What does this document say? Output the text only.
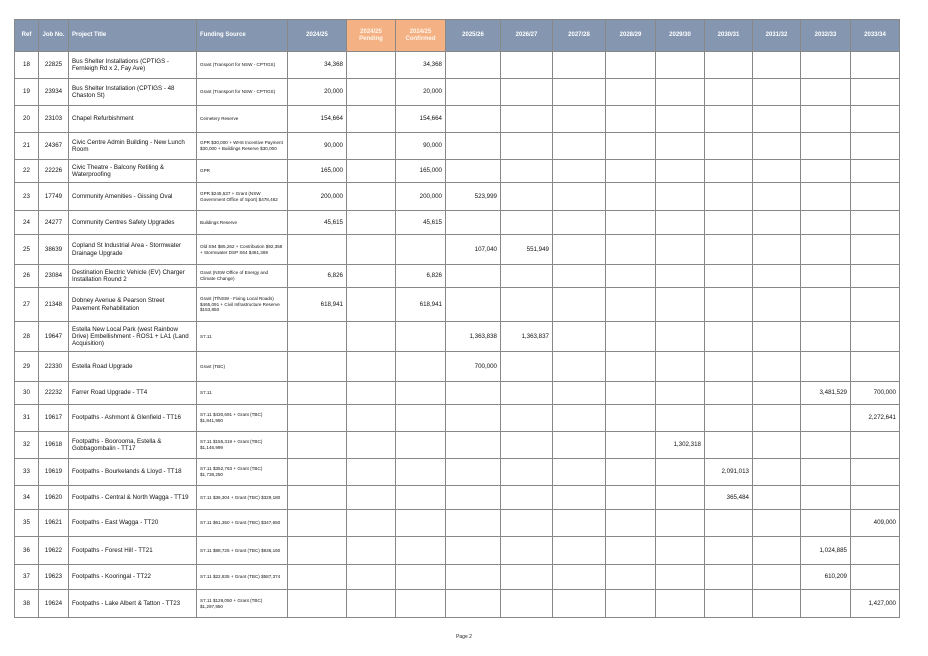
Ref	Job No.	Project Title	Funding Source	2024/25	2024/25 Pending	2024/25 Confirmed	2025/26	2026/27	2027/28	2028/29	2029/30	2030/31	2031/32	2032/33	2033/34
18	22825	Bus Shelter Installations (CPTIGS - Fernleigh Rd x 2, Fay Ave)	Grant (Transport for NSW - CPTIGS)	34,368		34,368									
19	23934	Bus Shelter Installation (CPTIGS - 48 Chaston St)	Grant (Transport for NSW - CPTIGS)	20,000		20,000									
20	23103	Chapel Refurbishment	Cemetery Reserve	154,664		154,664									
21	24367	Civic Centre Admin Building - New Lunch Room	GPR $30,000 + WHS Incentive Payment $30,000 + Buildings Reserve $30,000	90,000		90,000									
22	22226	Civic Theatre - Balcony Retiling & Waterproofing	GPR	165,000		165,000									
23	17749	Community Amenities - Gissing Oval	GPR $245,537 + Grant (NSW Government Office of Sport) $478,462	200,000		200,000	523,999								
24	24277	Community Centres Safety Upgrades	Buildings Reserve	45,615		45,615									
25	38639	Copland St Industrial Area - Stormwater Drainage Upgrade	Old S94 $85,262 + Contribution $92,358 + Stormwater DSP S64 $481,369				107,040	551,949							
26	23084	Destination Electric Vehicle (EV) Charger Installation Round 2	Grant (NSW Office of Energy and Climate Change)	6,826		6,826									
27	21348	Dobney Avenue & Pearson Street Pavement Rehabilitation	Grant (TfNSW - Fixing Local Roads) $465,091 + Civil Infrastructure Reserve $153,850	618,941		618,941									
28	19647	Estella New Local Park (west Rainbow Drive) Embellishment - ROS1 + LA1 (Land Acquisition)	S7.11				1,363,838	1,363,837							
29	22330	Estella Road Upgrade	Grant (TBC)				700,000								
30	22232	Farrer Road Upgrade - TT4	S7.11											3,481,529	700,000
31	19617	Footpaths - Ashmont & Glenfield - TT16	S7.11 $430,691 + Grant (TBC) $1,841,950												2,272,641
32	19618	Footpaths - Boorooma, Estella & Gobbagombalin - TT17	S7.11 $155,319 + Grant (TBC) $1,146,999								1,302,318				
33	19619	Footpaths - Bourkelands & Lloyd - TT18	S7.11 $352,763 + Grant (TBC) $1,738,250									2,091,013			
34	19620	Footpaths - Central & North Wagga - TT19	S7.11 $36,304 + Grant (TBC) $329,180									365,484			
35	19621	Footpaths - East Wagga - TT20	S7.11 $61,350 + Grant (TBC) $347,650												409,000
36	19622	Footpaths - Forest Hill - TT21	S7.11 $88,725 + Grant (TBC) $936,160											1,024,885	
37	19623	Footpaths - Kooringal - TT22	S7.11 $22,835 + Grant (TBC) $587,374											610,209	
38	19624	Footpaths - Lake Albert & Tatton - TT23	S7.11 $129,050 + Grant (TBC) $1,297,950												1,427,000
Page 2
